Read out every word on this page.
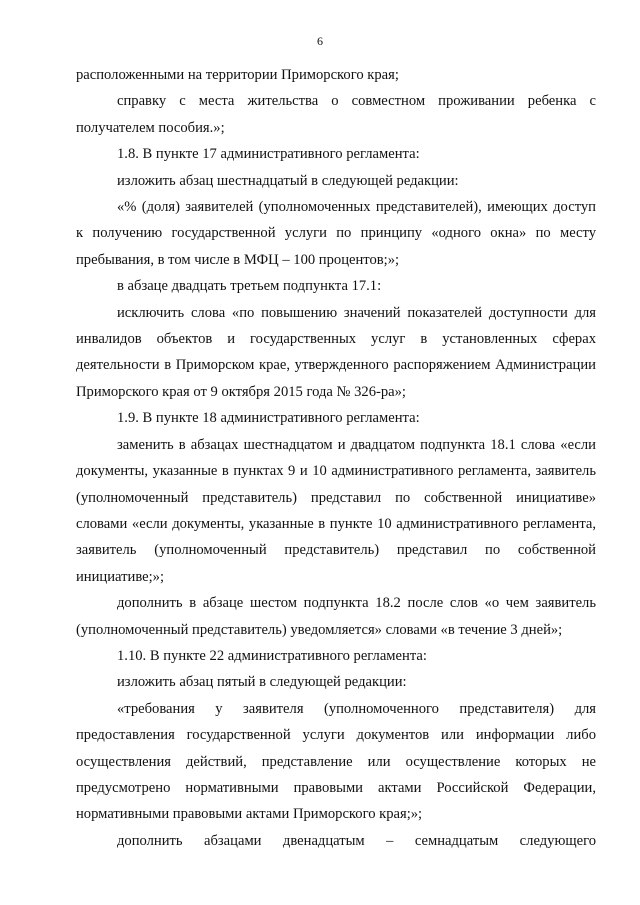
6

расположенными на территории Приморского края;

справку с места жительства о совместном проживании ребенка с получателем пособия.»;

1.8. В пункте 17 административного регламента:

изложить абзац шестнадцатый в следующей редакции:

«% (доля) заявителей (уполномоченных представителей), имеющих доступ к получению государственной услуги по принципу «одного окна» по месту пребывания, в том числе в МФЦ – 100 процентов;»;

в абзаце двадцать третьем подпункта 17.1:

исключить слова «по повышению значений показателей доступности для инвалидов объектов и государственных услуг в установленных сферах деятельности в Приморском крае, утвержденного распоряжением Администрации Приморского края от 9 октября 2015 года № 326-ра»;

1.9. В пункте 18 административного регламента:

заменить в абзацах шестнадцатом и двадцатом подпункта 18.1 слова «если документы, указанные в пунктах 9 и 10 административного регламента, заявитель (уполномоченный представитель) представил по собственной инициативе» словами «если документы, указанные в пункте 10 административного регламента, заявитель (уполномоченный представитель) представил по собственной инициативе;»;

дополнить в абзаце шестом подпункта 18.2 после слов «о чем заявитель (уполномоченный представитель) уведомляется» словами «в течение 3 дней»;

1.10. В пункте 22 административного регламента:

изложить абзац пятый в следующей редакции:

«требования у заявителя (уполномоченного представителя) для предоставления государственной услуги документов или информации либо осуществления действий, представление или осуществление которых не предусмотрено нормативными правовыми актами Российской Федерации, нормативными правовыми актами Приморского края;»;

дополнить абзацами двенадцатым – семнадцатым следующего
